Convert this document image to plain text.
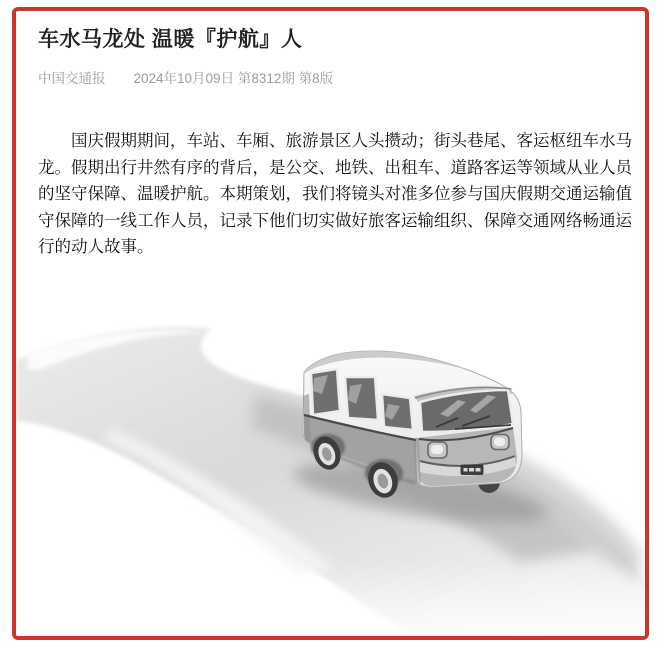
车水马龙处 温暖『护航』人
中国交通报 2024年10月09日 第8312期 第8版

国庆假期期间，车站、车厢、旅游景区人头攒动；街头巷尾、客运枢纽车水马龙。假期出行井然有序的背后，是公交、地铁、出租车、道路客运等领域从业人员的坚守保障、温暖护航。本期策划，我们将镜头对准多位参与国庆假期交通运输值守保障的一线工作人员，记录下他们切实做好旅客运输组织、保障交通网络畅通运行的动人故事。
